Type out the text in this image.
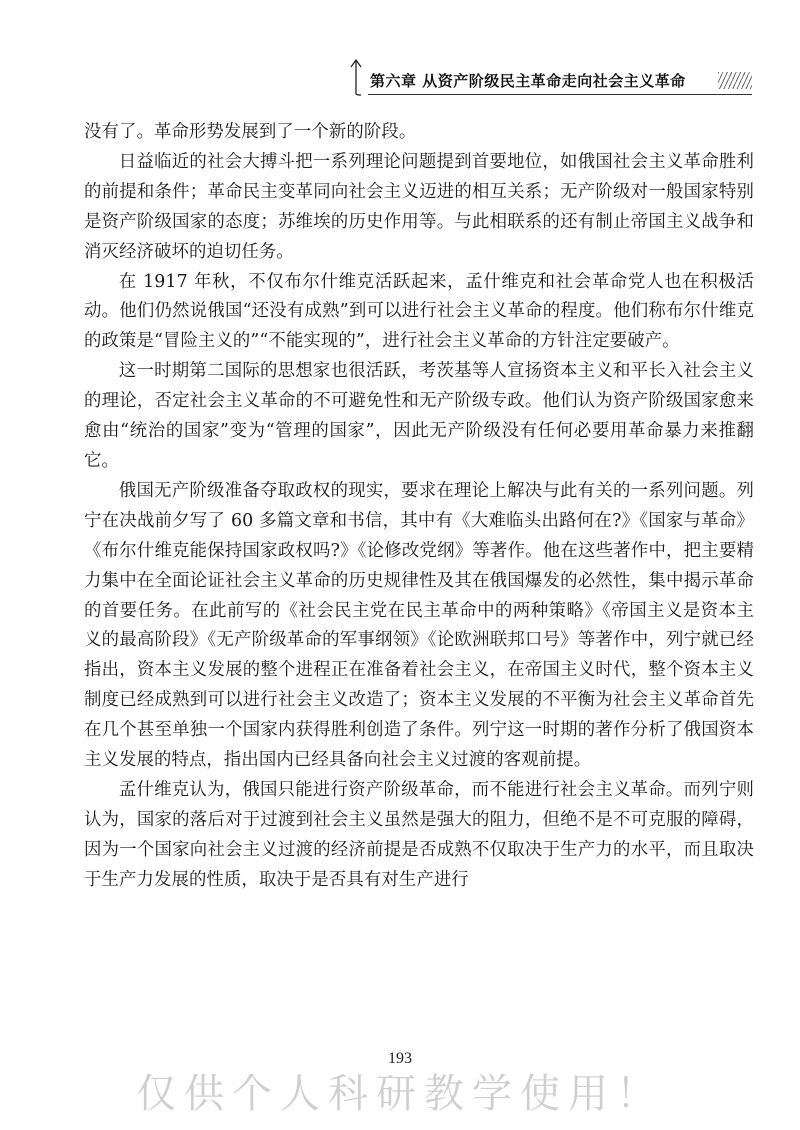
第六章 从资产阶级民主革命走向社会主义革命

没有了。革命形势发展到了一个新的阶段。

日益临近的社会大搏斗把一系列理论问题提到首要地位，如俄国社会主义革命胜利的前提和条件；革命民主变革同向社会主义迈进的相互关系；无产阶级对一般国家特别是资产阶级国家的态度；苏维埃的历史作用等。与此相联系的还有制止帝国主义战争和消灭经济破坏的迫切任务。

在 1917 年秋，不仅布尔什维克活跃起来，孟什维克和社会革命党人也在积极活动。他们仍然说俄国“还没有成熟”到可以进行社会主义革命的程度。他们称布尔什维克的政策是“冒险主义的”“不能实现的”，进行社会主义革命的方针注定要破产。

这一时期第二国际的思想家也很活跃，考茨基等人宣扬资本主义和平长入社会主义的理论，否定社会主义革命的不可避免性和无产阶级专政。他们认为资产阶级国家愈来愈由“统治的国家”变为“管理的国家”，因此无产阶级没有任何必要用革命暴力来推翻它。

俄国无产阶级准备夺取政权的现实，要求在理论上解决与此有关的一系列问题。列宁在决战前夕写了 60 多篇文章和书信，其中有《大难临头出路何在?》《国家与革命》《布尔什维克能保持国家政权吗?》《论修改党纲》等著作。他在这些著作中，把主要精力集中在全面论证社会主义革命的历史规律性及其在俄国爆发的必然性，集中揭示革命的首要任务。在此前写的《社会民主党在民主革命中的两种策略》《帝国主义是资本主义的最高阶段》《无产阶级革命的军事纲领》《论欧洲联邦口号》等著作中，列宁就已经指出，资本主义发展的整个进程正在准备着社会主义，在帝国主义时代，整个资本主义制度已经成熟到可以进行社会主义改造了；资本主义发展的不平衡为社会主义革命首先在几个甚至单独一个国家内获得胜利创造了条件。列宁这一时期的著作分析了俄国资本主义发展的特点，指出国内已经具备向社会主义过渡的客观前提。

孟什维克认为，俄国只能进行资产阶级革命，而不能进行社会主义革命。而列宁则认为，国家的落后对于过渡到社会主义虽然是强大的阻力，但绝不是不可克服的障碍，因为一个国家向社会主义过渡的经济前提是否成熟不仅取决于生产力的水平，而且取决于生产力发展的性质，取决于是否具有对生产进行

193
仅供个人科研教学使用！
